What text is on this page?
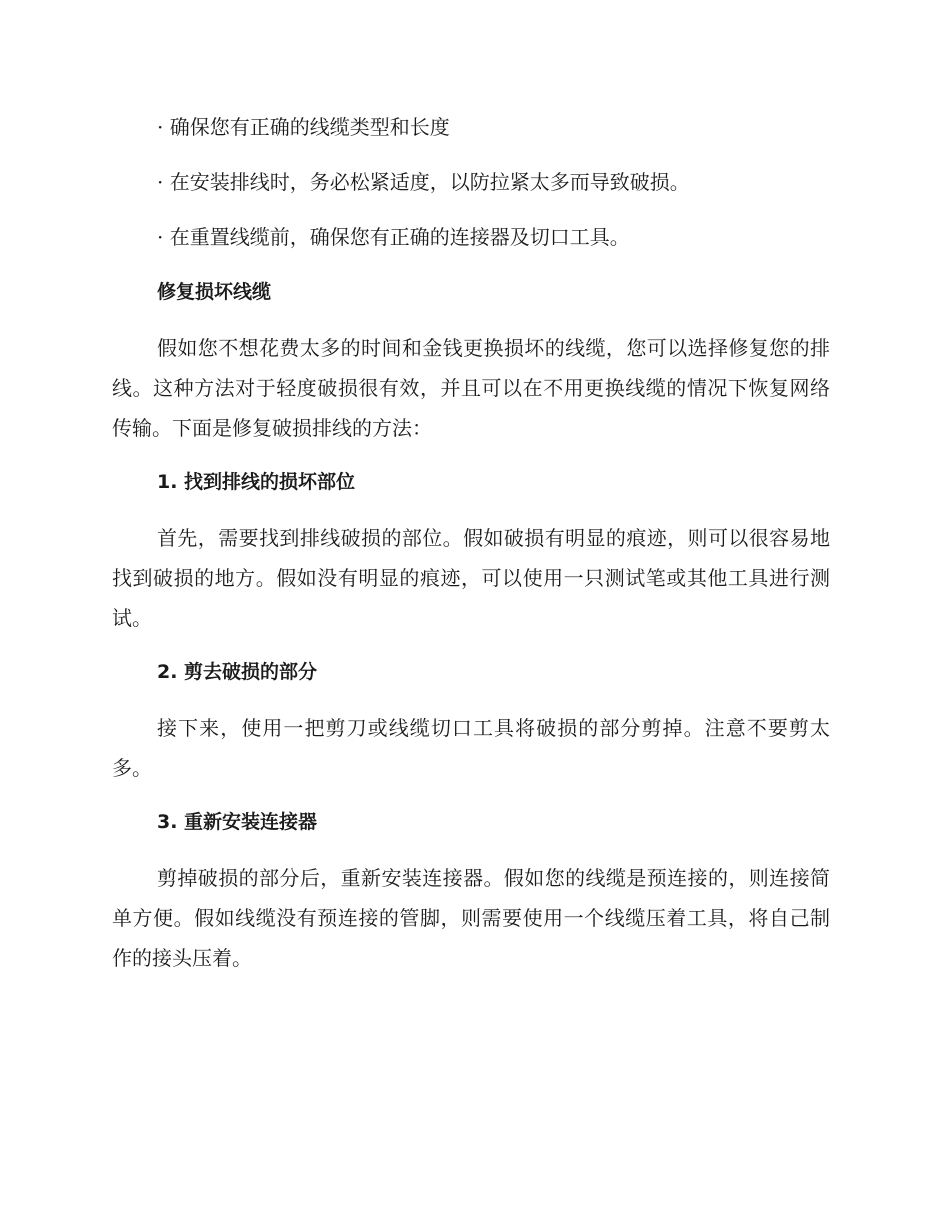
· 确保您有正确的线缆类型和长度
· 在安装排线时，务必松紧适度，以防拉紧太多而导致破损。
· 在重置线缆前，确保您有正确的连接器及切口工具。
修复损坏线缆

假如您不想花费太多的时间和金钱更换损坏的线缆，您可以选择修复您的排线。这种方法对于轻度破损很有效，并且可以在不用更换线缆的情况下恢复网络传输。下面是修复破损排线的方法：

1. 找到排线的损坏部位

首先，需要找到排线破损的部位。假如破损有明显的痕迹，则可以很容易地找到破损的地方。假如没有明显的痕迹，可以使用一只测试笔或其他工具进行测试。

2. 剪去破损的部分

接下来，使用一把剪刀或线缆切口工具将破损的部分剪掉。注意不要剪太多。

3. 重新安装连接器

剪掉破损的部分后，重新安装连接器。假如您的线缆是预连接的，则连接简单方便。假如线缆没有预连接的管脚，则需要使用一个线缆压着工具，将自己制作的接头压着。
